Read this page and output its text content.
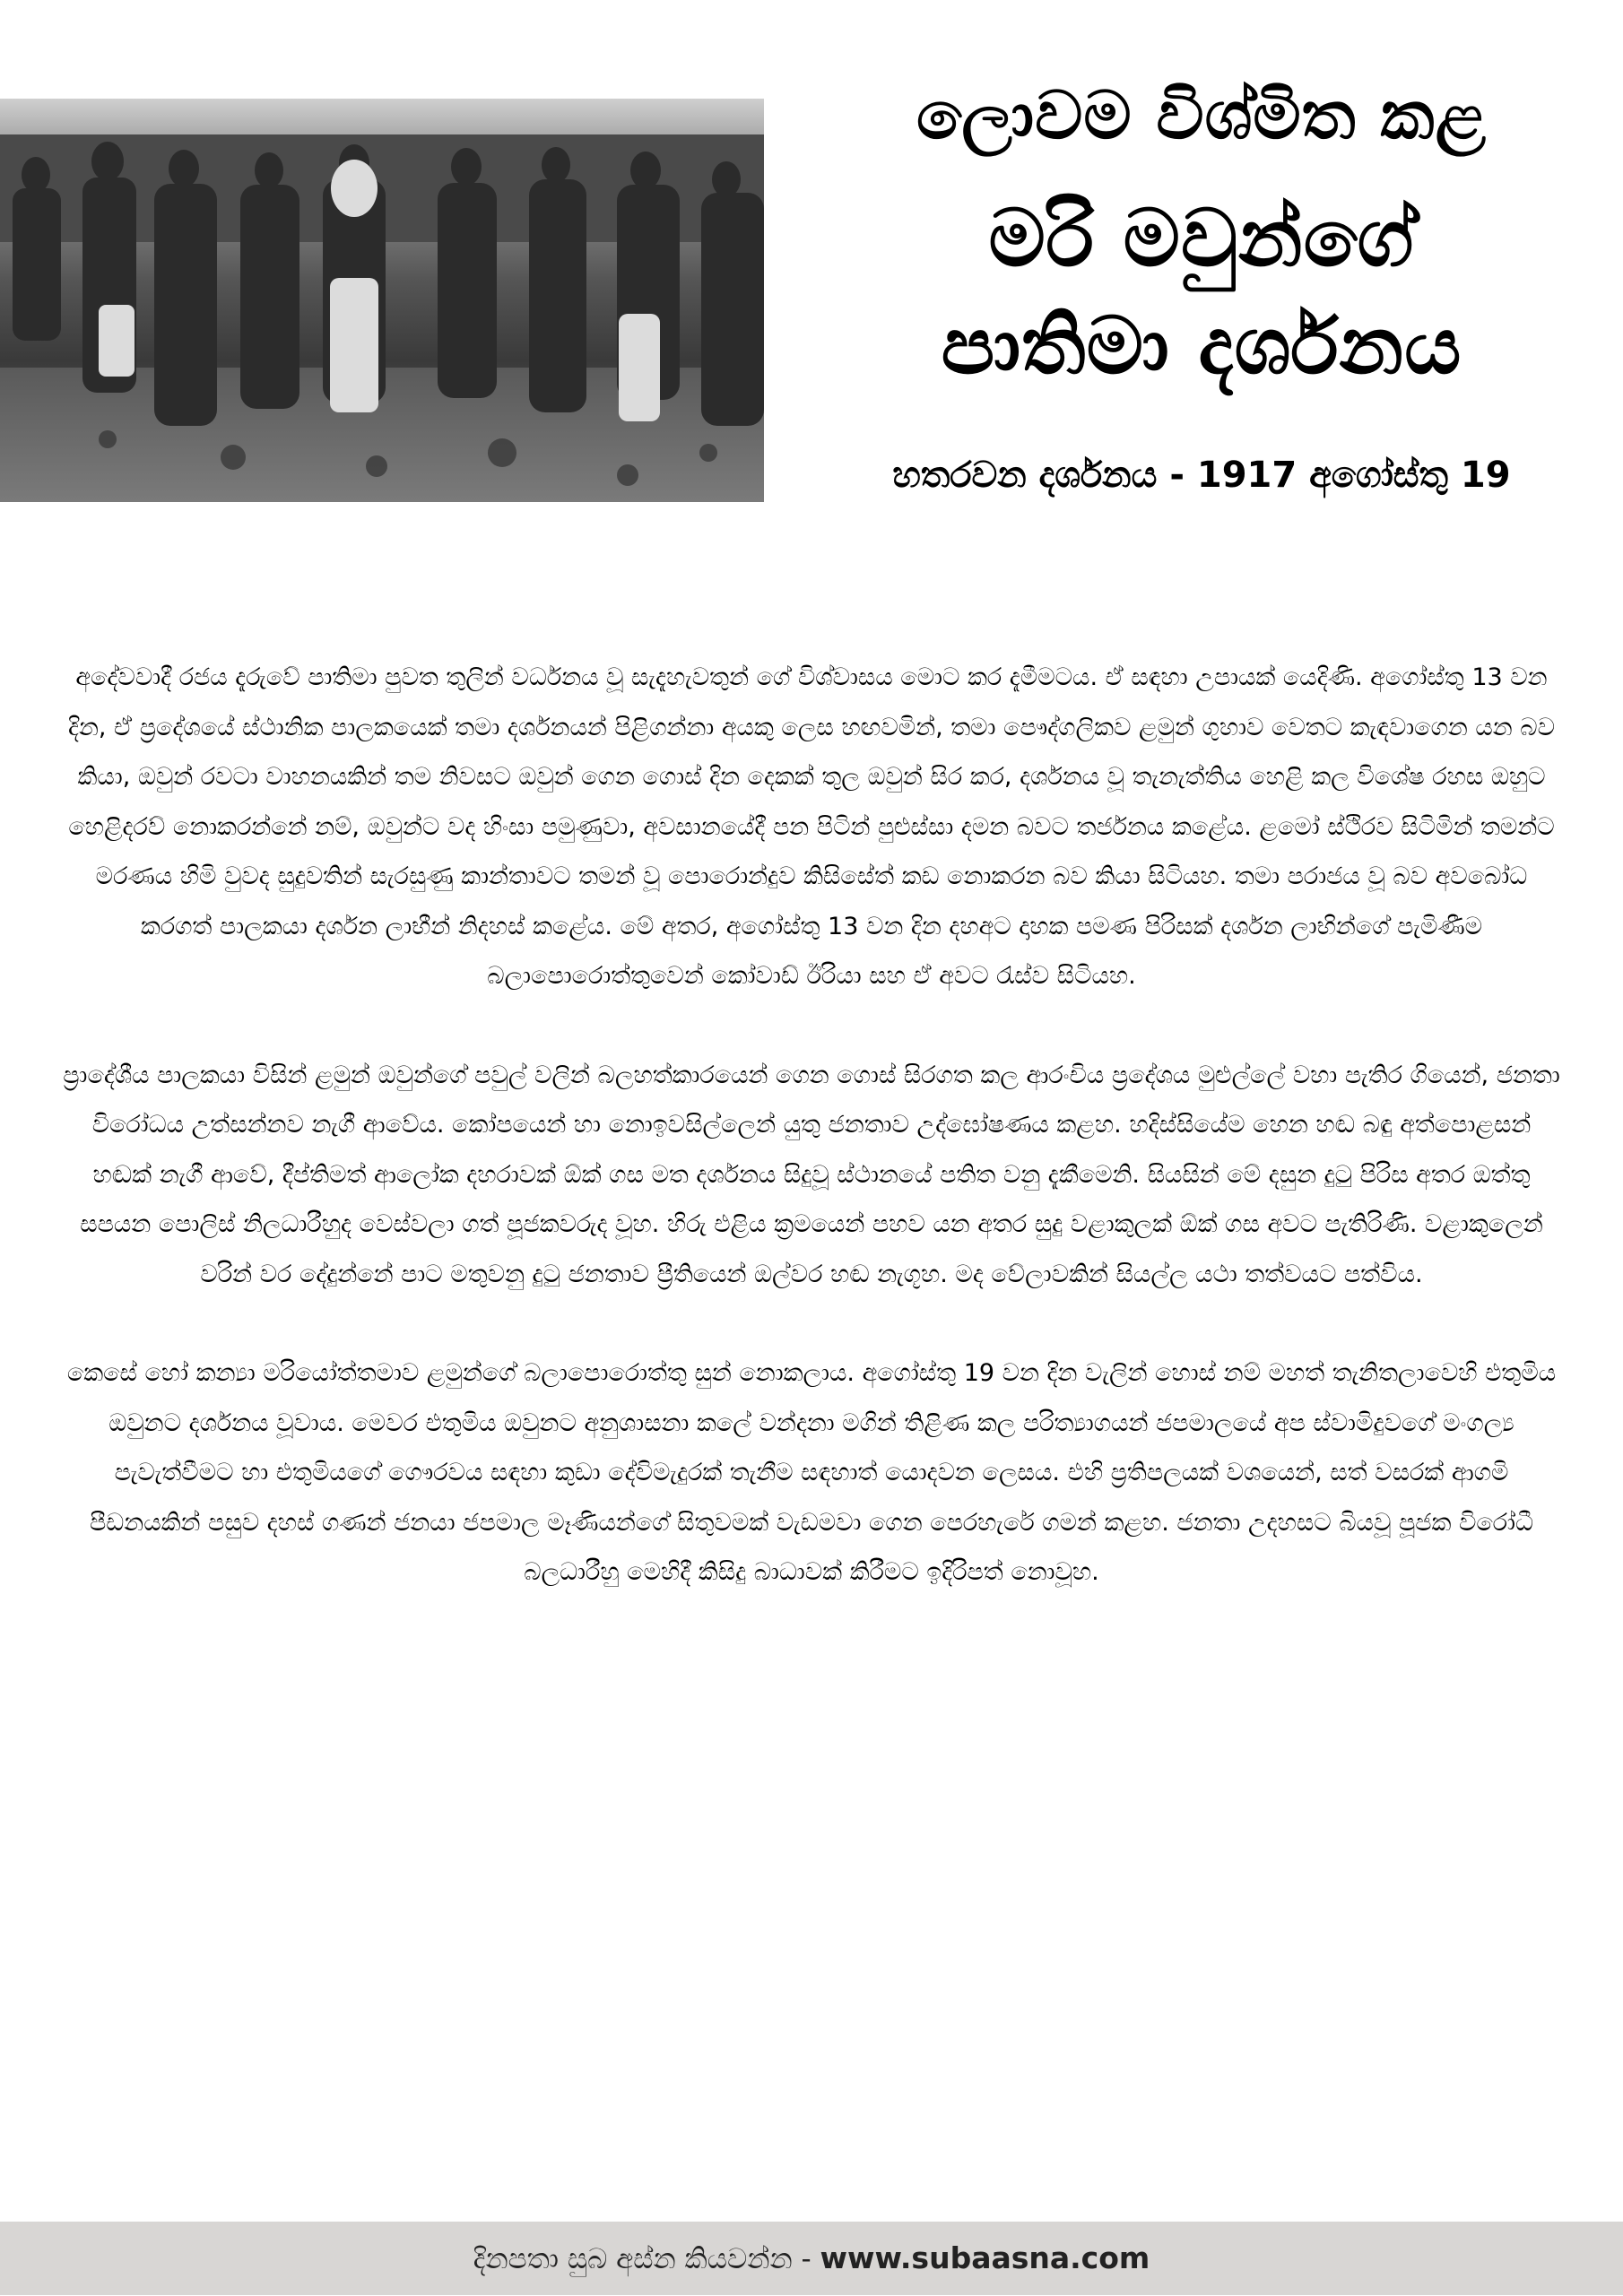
ලොවම විශ්මිත කළ
මරි මවුන්ගේ
පාතිමා දර්ශනය
හතරවන දර්ශනය - 1917 අගෝස්තු 19

අදේවවාදී රජය දැරුවේ පාතිමා පුවත තුලින් වර්ධනය වූ සැදැහැවතුන් ගේ විශ්වාසය මොට කර දැමීමටය. ඒ සඳහා උපායක් යෙදිණි. අගෝස්තු 13 වන දින, ඒ ප්‍රදේශයේ ස්ථානික පාලකයෙක් තමා දර්ශනයන් පිළිගන්නා අයකු ලෙස හඟවමින්, තමා පෞද්ගලිකව ළමුන් ගුහාව වෙතට කැඳවාගෙන යන බව කියා, ඔවුන් රවටා වාහනයකින් තම නිවසට ඔවුන් ගෙන ගොස් දින දෙකක් තුල ඔවුන් සිර කර, දර්ශනය වූ තැනැත්තිය හෙළි කල විශේෂ රහස ඔහුට හෙළිදරව් නොකරන්නේ නම්, ඔවුන්ට වද හිංසා පමුණුවා, අවසානයේදී පන පිටින් පුළුස්සා දමන බවට තර්ජනය කළේය. ළමෝ ස්ථිරව සිටිමින් තමන්ට මරණය හිමි වුවද සුදුවතින් සැරසුණු කාන්තාවට තමන් වූ පොරොන්දුව කිසිසේත් කඩ නොකරන බව කියා සිටියහ. තමා පරාජය වූ බව අවබෝධ කරගත් පාලකයා දර්ශන ලාභීන් නිදහස් කළේය. මේ අතර, අගෝස්තු 13 වන දින දහඅට දාහක පමණ පිරිසක් දර්ශන ලාභින්ගේ පැමිණීම බලාපොරොත්තුවෙන් කෝවාඩ් ඊරියා සහ ඒ අවට රැස්ව සිටියහ.

ප්‍රාදේශීය පාලකයා විසින් ළමුන් ඔවුන්ගේ පවුල් වලින් බලහත්කාරයෙන් ගෙන ගොස් සිරගත කල ආරංචිය ප්‍රදේශය මුළුල්ලේ වහා පැතිර ගියෙන්, ජනතා විරෝධය උත්සන්නව නැගී ආවේය. කෝපයෙන් හා නොඉවසිල්ලෙන් යුතු ජනතාව උද්ඝෝෂණය කළහ. හදිස්සියේම හෙන හඬ බඳු අත්පොළසන් හඬක් නැගී ආවේ, දීප්තිමත් ආලෝක දහරාවක් ඕක් ගස මත දර්ශනය සිදුවූ ස්ථානයේ පතිත වනු දැකීමෙනි. සියසින් මේ දසුන දුටු පිරිස අතර ඔත්තු සපයන පොලිස් නිලධාරීහුද වෙස්වලා ගත් පූජකවරුද වූහ. හිරු එළිය ක්‍රමයෙන් පහව යන අතර සුදු වළාකුලක් ඕක් ගස අවට පැතිරිණි. වළාකුලෙන් වරින් වර දේදුන්නේ පාට මතුවනු දුටු ජනතාව ප්‍රීතියෙන් ඔල්වර හඬ නැගූහ. මද වේලාවකින් සියල්ල යථා තත්වයට පත්විය.

කෙසේ හෝ කන්‍යා මරියෝත්තමාව ළමුන්ගේ බලාපොරොත්තු සුන් නොකලාය. අගෝස්තු 19 වන දින වැලින් හොස් නම් මහත් තැනිතලාවෙහි එතුමිය ඔවුනට දර්ශනය වූවාය. මෙවර එතුමිය ඔවුනට අනුශාසනා කලේ වන්දනා මගින් තිළිණ කල පරිත්‍යාගයන් ජපමාලයේ අප ස්වාමිදුවගේ මංගල්‍ය පැවැත්වීමට හා එතුමියගේ ගෞරවය සඳහා කුඩා දේවිමැදුරක් තැනීම සඳහාත් යොදවන ලෙසය. එහි ප්‍රතිපලයක් වශයෙන්, සත් වසරක් ආගමි පීඩනයකින් පසුව දහස් ගණන් ජනයා ජපමාල මෑණියන්ගේ සිතුවමක් වැඩමවා ගෙන පෙරහැරේ ගමන් කළහ. ජනතා උදහසට බියවූ පූජක විරෝධී බලධාරීහු මෙහිදී කිසිදු බාධාවක් කිරීමට ඉදිරිපත් නොවූහ.

දිනපතා සුබ අස්න කියවන්න - www.subaasna.com
